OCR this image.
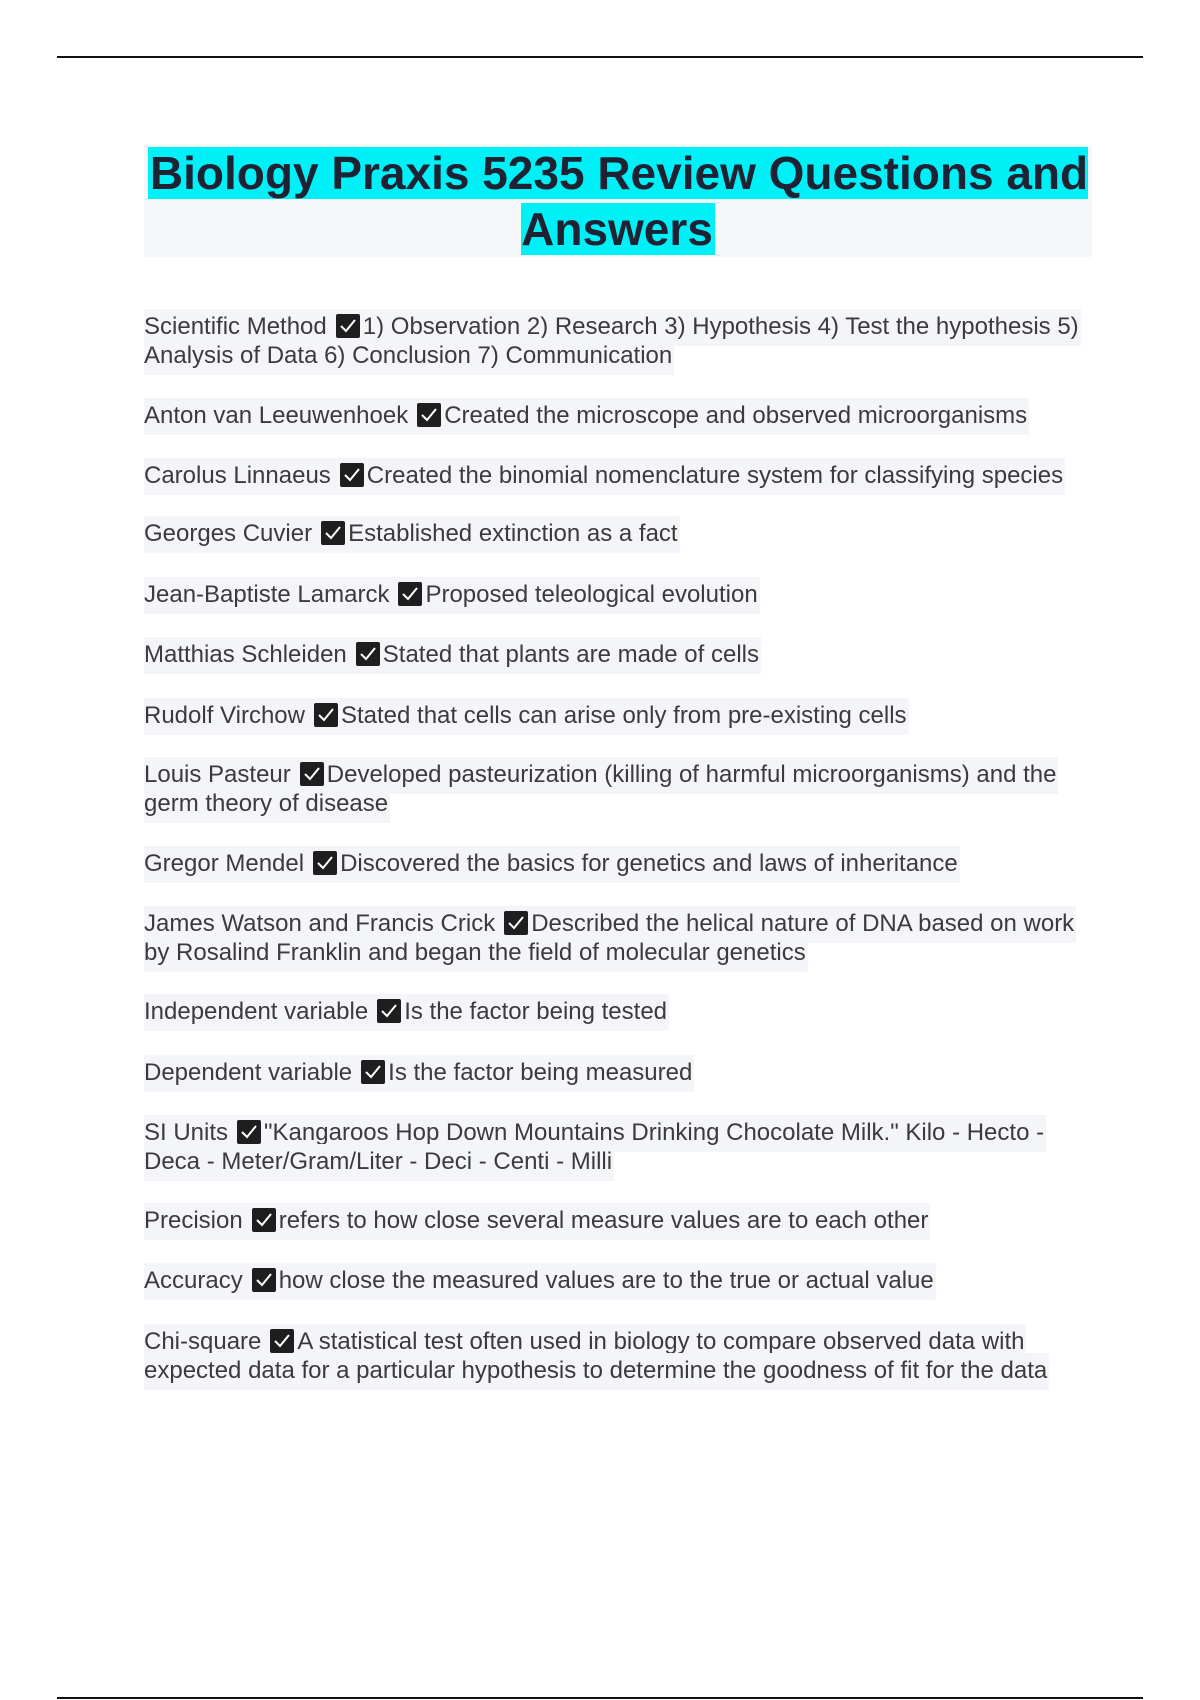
Biology Praxis 5235 Review Questions and Answers
Scientific Method 1) Observation 2) Research 3) Hypothesis 4) Test the hypothesis 5) Analysis of Data 6) Conclusion 7) Communication
Anton van Leeuwenhoek Created the microscope and observed microorganisms
Carolus Linnaeus Created the binomial nomenclature system for classifying species
Georges Cuvier Established extinction as a fact
Jean-Baptiste Lamarck Proposed teleological evolution
Matthias Schleiden Stated that plants are made of cells
Rudolf Virchow Stated that cells can arise only from pre-existing cells
Louis Pasteur Developed pasteurization (killing of harmful microorganisms) and the germ theory of disease
Gregor Mendel Discovered the basics for genetics and laws of inheritance
James Watson and Francis Crick Described the helical nature of DNA based on work by Rosalind Franklin and began the field of molecular genetics
Independent variable Is the factor being tested
Dependent variable Is the factor being measured
SI Units "Kangaroos Hop Down Mountains Drinking Chocolate Milk." Kilo - Hecto - Deca - Meter/Gram/Liter - Deci - Centi - Milli
Precision refers to how close several measure values are to each other
Accuracy how close the measured values are to the true or actual value
Chi-square A statistical test often used in biology to compare observed data with expected data for a particular hypothesis to determine the goodness of fit for the data
